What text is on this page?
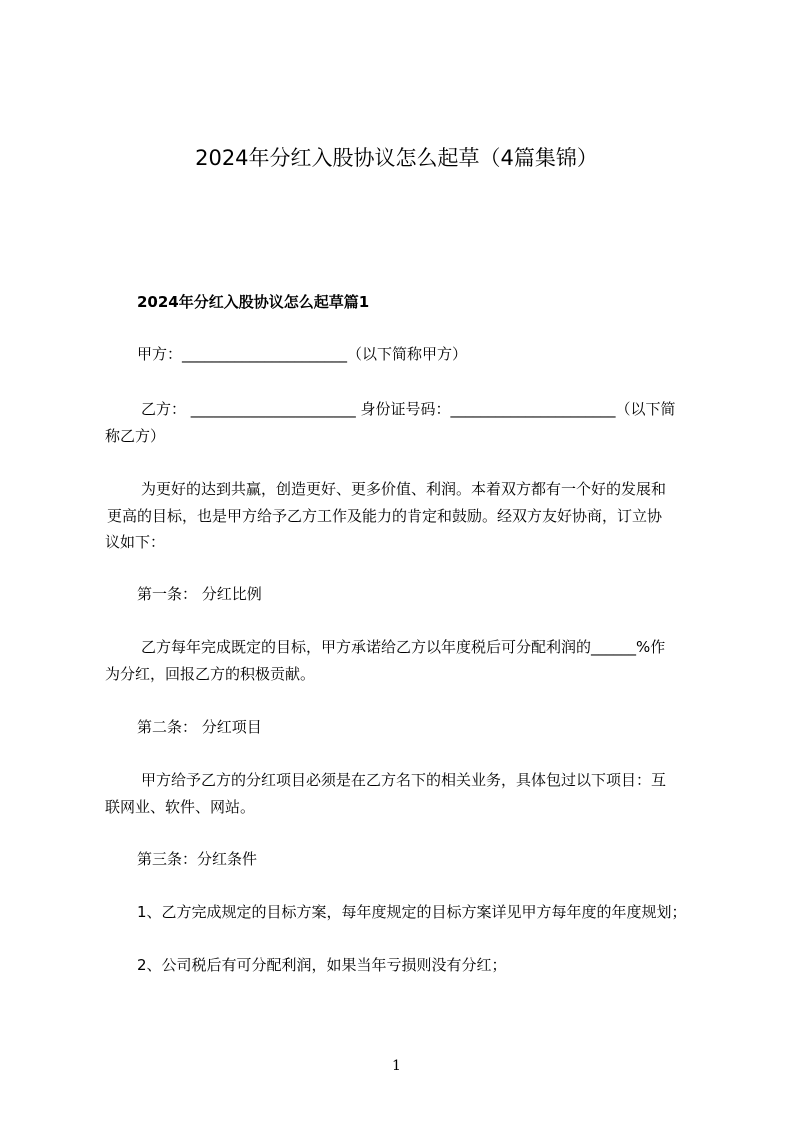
2024年分红入股协议怎么起草（4篇集锦）
2024年分红入股协议怎么起草篇1
甲方：______________________（以下简称甲方）
乙方： ______________________ 身份证号码：______________________（以下简
称乙方）
为更好的达到共赢，创造更好、更多价值、利润。本着双方都有一个好的发展和
更高的目标，也是甲方给予乙方工作及能力的肯定和鼓励。经双方友好协商，订立协
议如下：
第一条： 分红比例
乙方每年完成既定的目标，甲方承诺给乙方以年度税后可分配利润的______%作
为分红，回报乙方的积极贡献。
第二条： 分红项目
甲方给予乙方的分红项目必须是在乙方名下的相关业务，具体包过以下项目：互
联网业、软件、网站。
第三条：分红条件
1、乙方完成规定的目标方案，每年度规定的目标方案详见甲方每年度的年度规划；
2、公司税后有可分配利润，如果当年亏损则没有分红；
1
